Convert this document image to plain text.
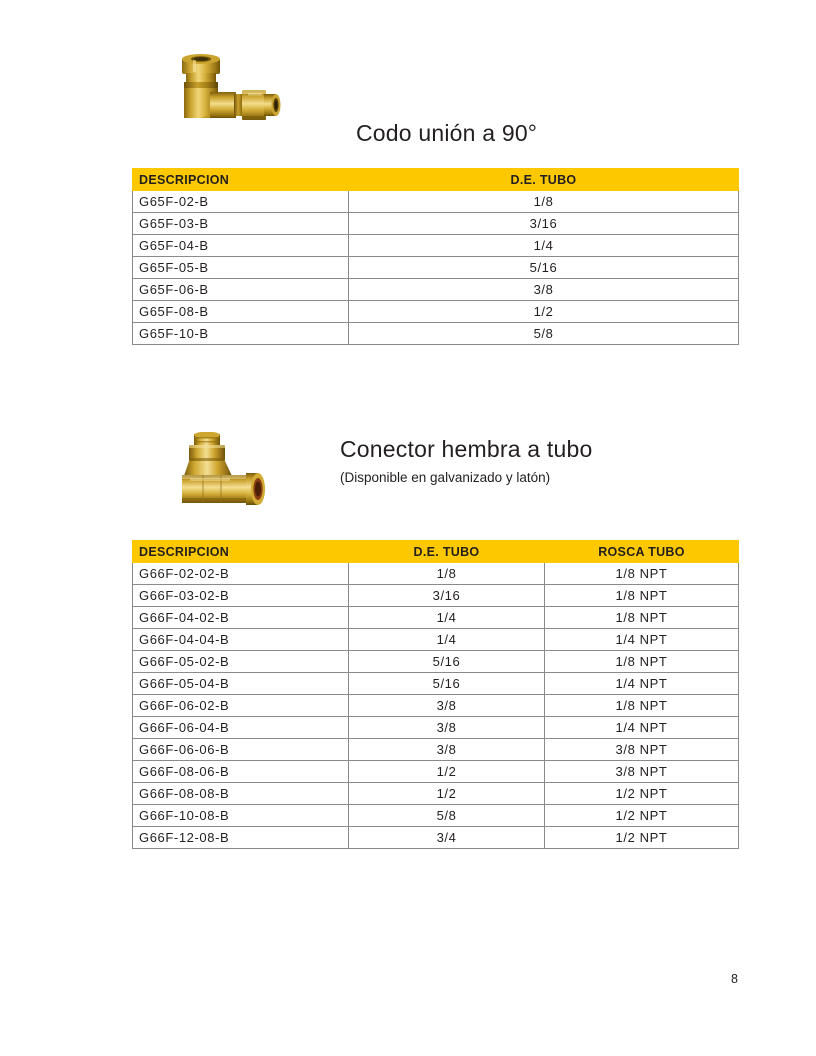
Codo unión a 90°
DESCRIPCION	D.E. TUBO
G65F-02-B	1/8
G65F-03-B	3/16
G65F-04-B	1/4
G65F-05-B	5/16
G65F-06-B	3/8
G65F-08-B	1/2
G65F-10-B	5/8
Conector hembra a tubo
(Disponible en galvanizado y latón)
DESCRIPCION	D.E. TUBO	ROSCA TUBO
G66F-02-02-B	1/8	1/8 NPT
G66F-03-02-B	3/16	1/8 NPT
G66F-04-02-B	1/4	1/8 NPT
G66F-04-04-B	1/4	1/4 NPT
G66F-05-02-B	5/16	1/8 NPT
G66F-05-04-B	5/16	1/4 NPT
G66F-06-02-B	3/8	1/8 NPT
G66F-06-04-B	3/8	1/4 NPT
G66F-06-06-B	3/8	3/8 NPT
G66F-08-06-B	1/2	3/8 NPT
G66F-08-08-B	1/2	1/2 NPT
G66F-10-08-B	5/8	1/2 NPT
G66F-12-08-B	3/4	1/2 NPT
8
